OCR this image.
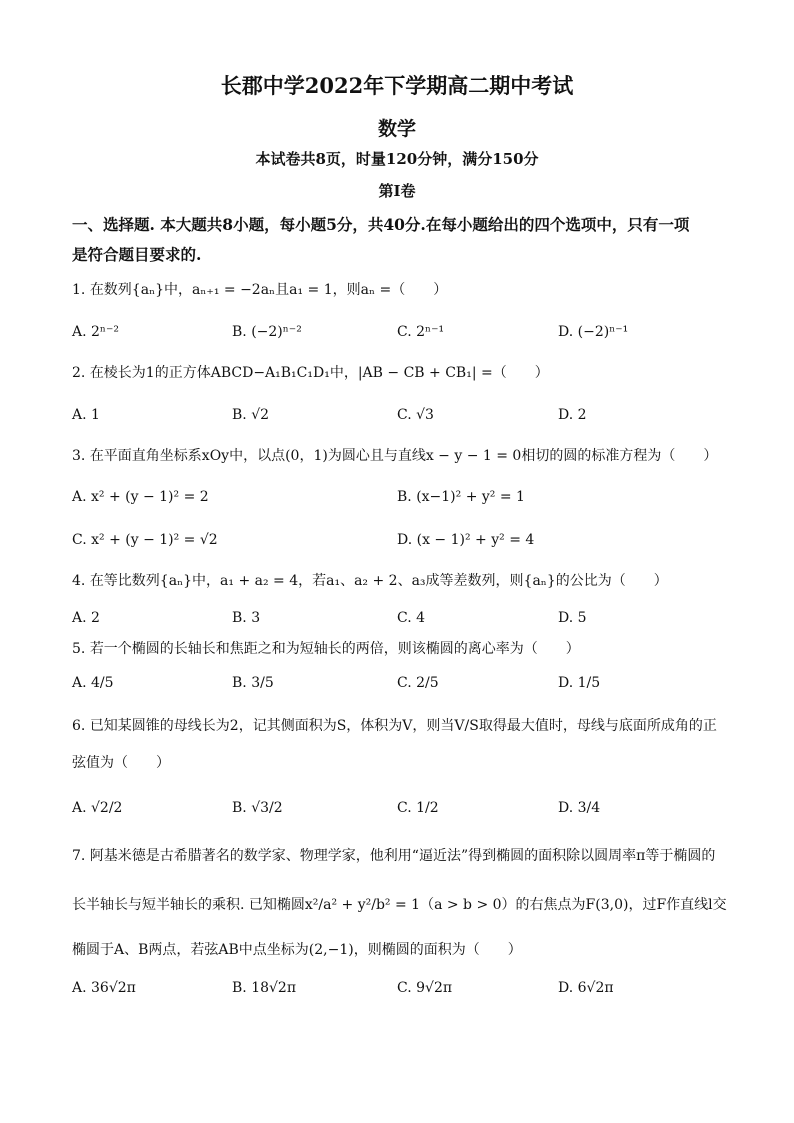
长郡中学2022年下学期高二期中考试
数学
本试卷共8页，时量120分钟，满分150分
第I卷
一、选择题. 本大题共8小题，每小题5分，共40分.在每小题给出的四个选项中，只有一项
是符合题目要求的.
1. 在数列{aₙ}中，aₙ₊₁ = −2aₙ且a₁ = 1，则aₙ =（　　）
A. 2ⁿ⁻²	B. (−2)ⁿ⁻²	C. 2ⁿ⁻¹	D. (−2)ⁿ⁻¹
2. 在棱长为1的正方体ABCD−A₁B₁C₁D₁中，|AB − CB + CB₁| =（　　）
A. 1	B. √2	C. √3	D. 2
3. 在平面直角坐标系xOy中，以点(0，1)为圆心且与直线x − y − 1 = 0相切的圆的标准方程为（　　）
A. x² + (y − 1)² = 2	B. (x−1)² + y² = 1
C. x² + (y − 1)² = √2	D. (x − 1)² + y² = 4
4. 在等比数列{aₙ}中，a₁ + a₂ = 4，若a₁、a₂ + 2、a₃成等差数列，则{aₙ}的公比为（　　）
A. 2	B. 3	C. 4	D. 5
5. 若一个椭圆的长轴长和焦距之和为短轴长的两倍，则该椭圆的离心率为（　　）
A. 4/5	B. 3/5	C. 2/5	D. 1/5
6. 已知某圆锥的母线长为2，记其侧面积为S，体积为V，则当V/S取得最大值时，母线与底面所成角的正
弦值为（　　）
A. √2/2	B. √3/2	C. 1/2	D. 3/4
7. 阿基米德是古希腊著名的数学家、物理学家，他利用“逼近法”得到椭圆的面积除以圆周率π等于椭圆的
长半轴长与短半轴长的乘积. 已知椭圆x²/a² + y²/b² = 1（a > b > 0）的右焦点为F(3,0)，过F作直线l交
椭圆于A、B两点，若弦AB中点坐标为(2,−1)，则椭圆的面积为（　　）
A. 36√2π	B. 18√2π	C. 9√2π	D. 6√2π
